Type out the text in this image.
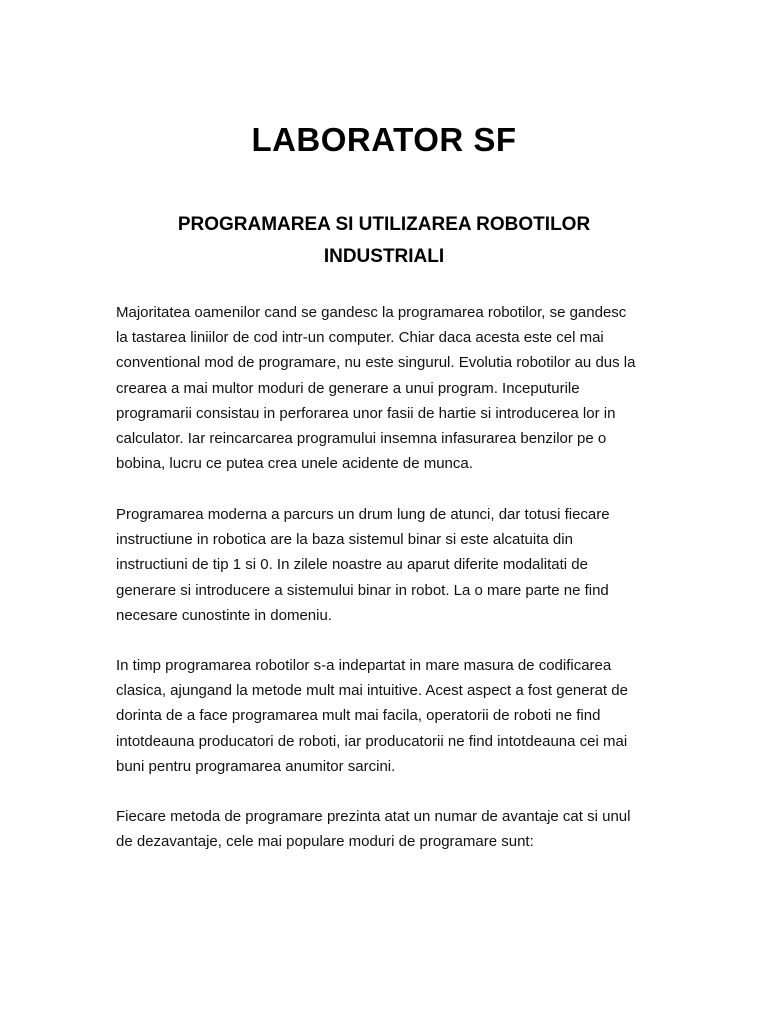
LABORATOR SF
PROGRAMAREA SI UTILIZAREA ROBOTILOR
INDUSTRIALI

Majoritatea oamenilor cand se gandesc la programarea robotilor, se gandesc
la tastarea liniilor de cod intr-un computer. Chiar daca acesta este cel mai
conventional mod de programare, nu este singurul. Evolutia robotilor au dus la
crearea a mai multor moduri de generare a unui program. Inceputurile
programarii consistau in perforarea unor fasii de hartie si introducerea lor in
calculator. Iar reincarcarea programului insemna infasurarea benzilor pe o
bobina, lucru ce putea crea unele acidente de munca.

Programarea moderna a parcurs un drum lung de atunci, dar totusi fiecare
instructiune in robotica are la baza sistemul binar si este alcatuita din
instructiuni de tip 1 si 0. In zilele noastre au aparut diferite modalitati de
generare si introducere a sistemului binar in robot. La o mare parte ne find
necesare cunostinte in domeniu.

In timp programarea robotilor s-a indepartat in mare masura de codificarea
clasica, ajungand la metode mult mai intuitive. Acest aspect a fost generat de
dorinta de a face programarea mult mai facila, operatorii de roboti ne find
intotdeauna producatori de roboti, iar producatorii ne find intotdeauna cei mai
buni pentru programarea anumitor sarcini.

Fiecare metoda de programare prezinta atat un numar de avantaje cat si unul
de dezavantaje, cele mai populare moduri de programare sunt:
